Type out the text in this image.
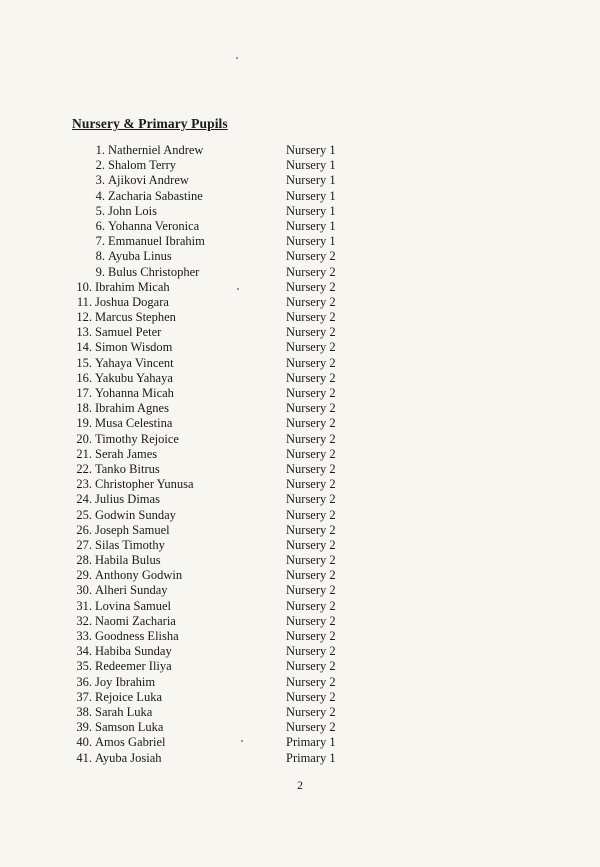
Nursery & Primary Pupils
1. Natherniel Andrew	Nursery 1
2. Shalom Terry	Nursery 1
3. Ajikovi Andrew	Nursery 1
4. Zacharia Sabastine	Nursery 1
5. John Lois	Nursery 1
6. Yohanna Veronica	Nursery 1
7. Emmanuel Ibrahim	Nursery 1
8. Ayuba Linus	Nursery 2
9. Bulus Christopher	Nursery 2
10. Ibrahim Micah	Nursery 2
11. Joshua Dogara	Nursery 2
12. Marcus Stephen	Nursery 2
13. Samuel Peter	Nursery 2
14. Simon Wisdom	Nursery 2
15. Yahaya Vincent	Nursery 2
16. Yakubu Yahaya	Nursery 2
17. Yohanna Micah	Nursery 2
18. Ibrahim Agnes	Nursery 2
19. Musa Celestina	Nursery 2
20. Timothy Rejoice	Nursery 2
21. Serah James	Nursery 2
22. Tanko Bitrus	Nursery 2
23. Christopher Yunusa	Nursery 2
24. Julius Dimas	Nursery 2
25. Godwin Sunday	Nursery 2
26. Joseph Samuel	Nursery 2
27. Silas Timothy	Nursery 2
28. Habila Bulus	Nursery 2
29. Anthony Godwin	Nursery 2
30. Alheri Sunday	Nursery 2
31. Lovina Samuel	Nursery 2
32. Naomi Zacharia	Nursery 2
33. Goodness Elisha	Nursery 2
34. Habiba Sunday	Nursery 2
35. Redeemer Iliya	Nursery 2
36. Joy Ibrahim	Nursery 2
37. Rejoice Luka	Nursery 2
38. Sarah Luka	Nursery 2
39. Samson Luka	Nursery 2
40. Amos Gabriel	Primary 1
41. Ayuba Josiah	Primary 1
2
